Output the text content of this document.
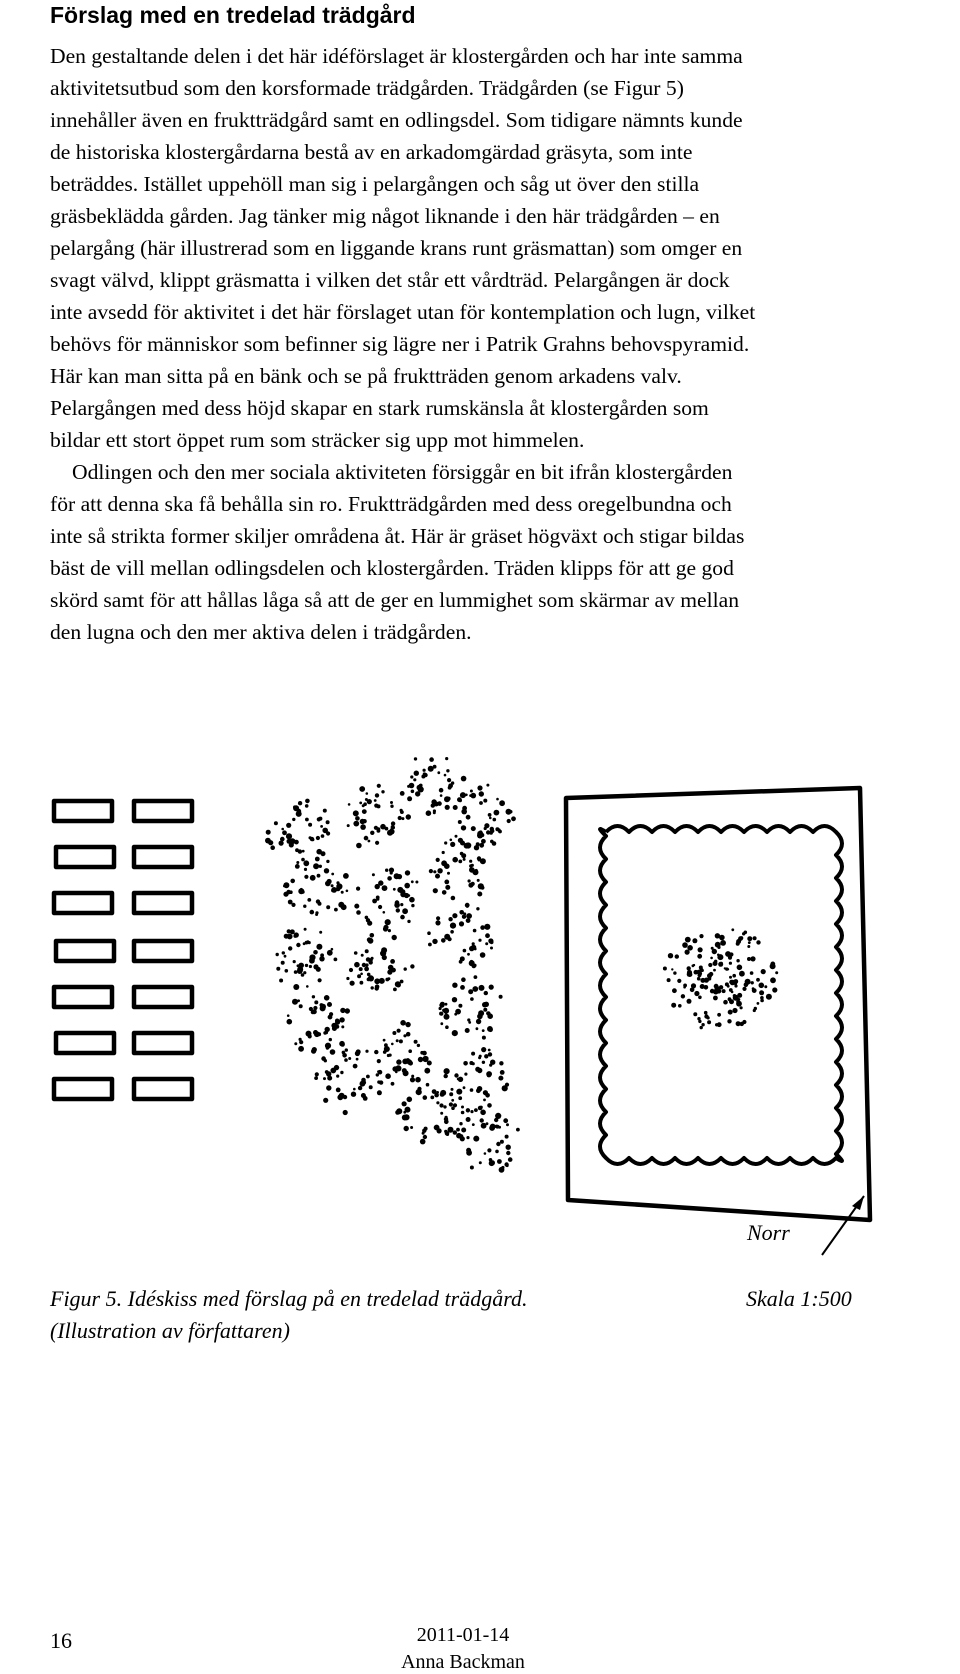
Förslag med en tredelad trädgård

Den gestaltande delen i det här idéförslaget är klostergården och har inte samma
aktivitetsutbud som den korsformade trädgården. Trädgården (se Figur 5)
innehåller även en fruktträdgård samt en odlingsdel. Som tidigare nämnts kunde
de historiska klostergårdarna bestå av en arkadomgärdad gräsyta, som inte
beträddes. Istället uppehöll man sig i pelargången och såg ut över den stilla
gräsbeklädda gården. Jag tänker mig något liknande i den här trädgården – en
pelargång (här illustrerad som en liggande krans runt gräsmattan) som omger en
svagt välvd, klippt gräsmatta i vilken det står ett vårdträd. Pelargången är dock
inte avsedd för aktivitet i det här förslaget utan för kontemplation och lugn, vilket
behövs för människor som befinner sig lägre ner i Patrik Grahns behovspyramid.
Här kan man sitta på en bänk och se på fruktträden genom arkadens valv.
Pelargången med dess höjd skapar en stark rumskänsla åt klostergården som
bildar ett stort öppet rum som sträcker sig upp mot himmelen.

Odlingen och den mer sociala aktiviteten försiggår en bit ifrån klostergården
för att denna ska få behålla sin ro. Fruktträdgården med dess oregelbundna och
inte så strikta former skiljer områdena åt. Här är gräset högväxt och stigar bildas
bäst de vill mellan odlingsdelen och klostergården. Träden klipps för att ge god
skörd samt för att hållas låga så att de ger en lummighet som skärmar av mellan
den lugna och den mer aktiva delen i trädgården.

Norr
Figur 5. Idéskiss med förslag på en tredelad trädgård.
(Illustration av författaren)
Skala 1:500
16	2011-01-14
Anna Backman
